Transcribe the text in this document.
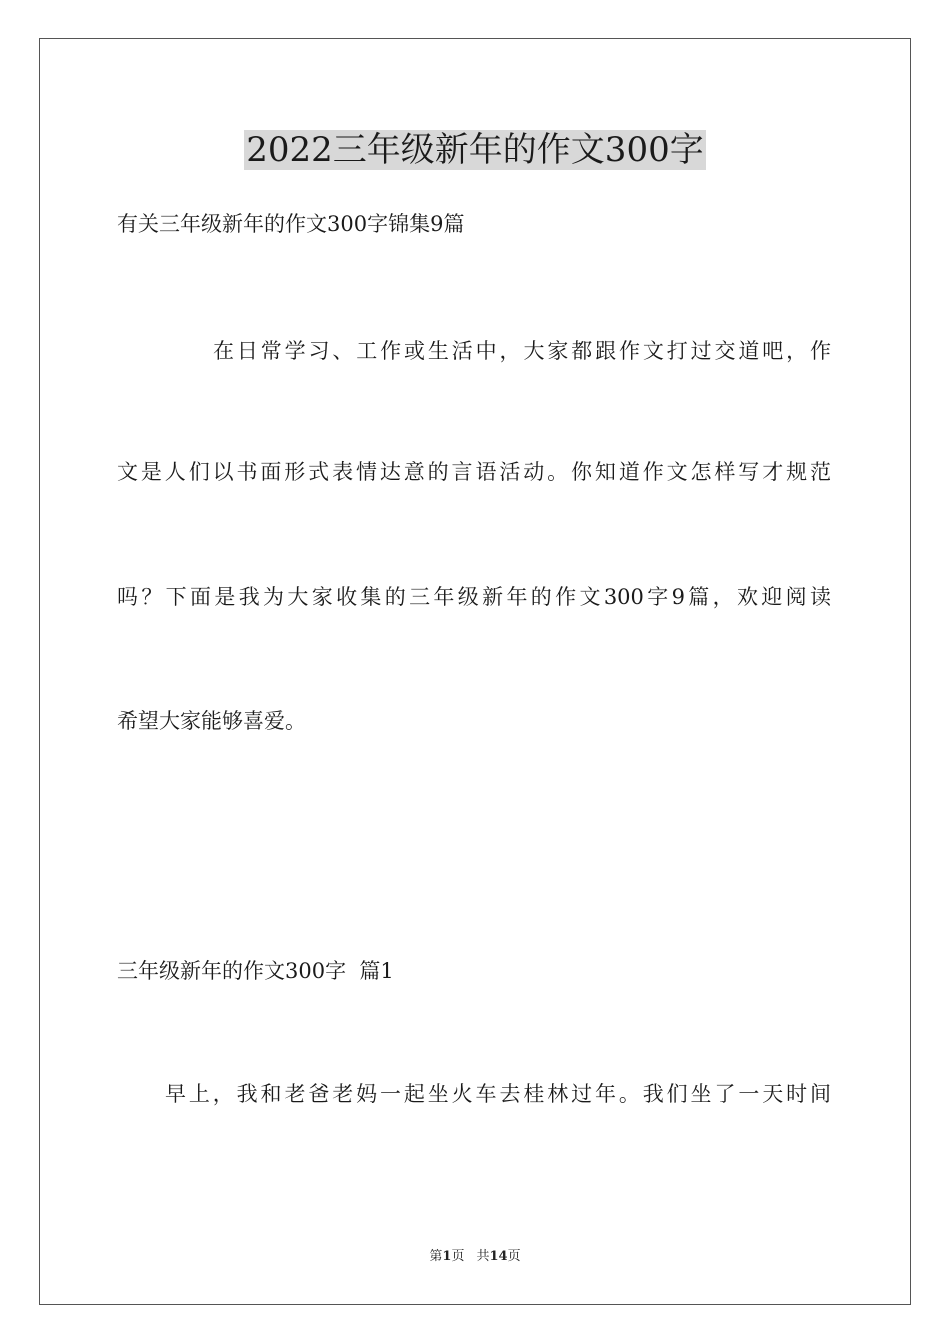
2022三年级新年的作文300字
有关三年级新年的作文300字锦集9篇
在日常学习、工作或生活中，大家都跟作文打过交道吧，作
文是人们以书面形式表情达意的言语活动。你知道作文怎样写才规范
吗？下面是我为大家收集的三年级新年的作文300字9篇，欢迎阅读
希望大家能够喜爱。
三年级新年的作文300字  篇1
早上，我和老爸老妈一起坐火车去桂林过年。我们坐了一天时间
第1页 共14页
